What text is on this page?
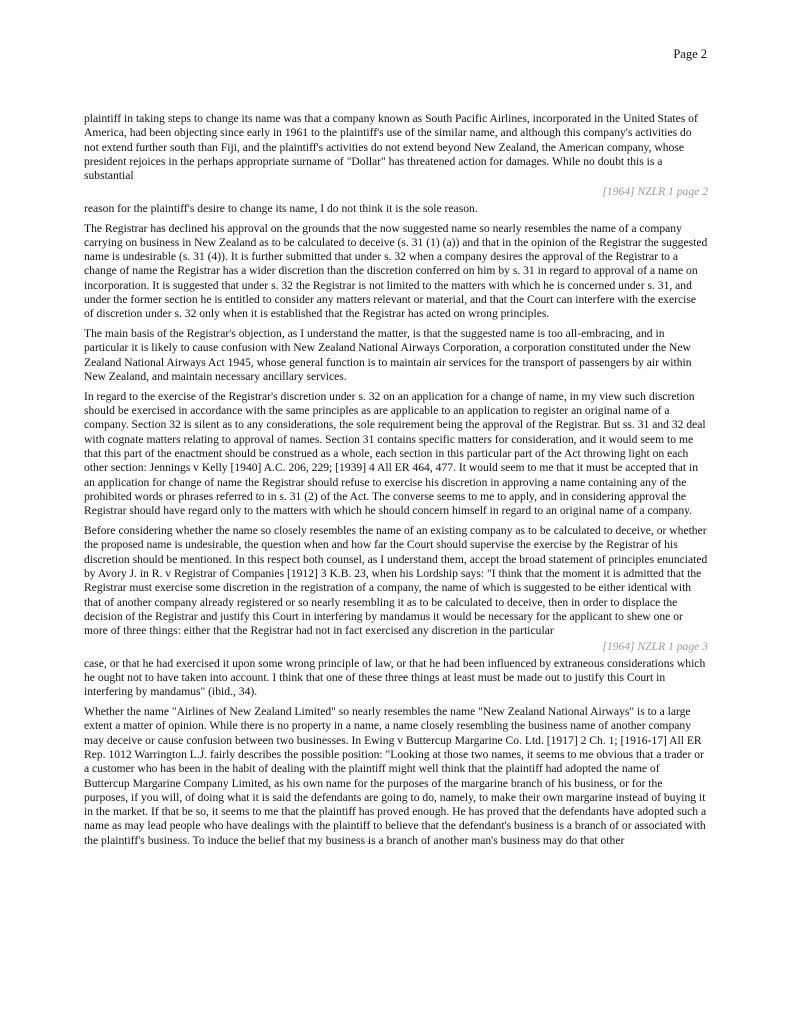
Page 2

plaintiff in taking steps to change its name was that a company known as South Pacific Airlines, incorporated in the United States of America, had been objecting since early in 1961 to the plaintiff's use of the similar name, and although this company's activities do not extend further south than Fiji, and the plaintiff's activities do not extend beyond New Zealand, the American company, whose president rejoices in the perhaps appropriate surname of "Dollar" has threatened action for damages. While no doubt this is a substantial

[1964] NZLR 1 page 2

reason for the plaintiff's desire to change its name, I do not think it is the sole reason.

The Registrar has declined his approval on the grounds that the now suggested name so nearly resembles the name of a company carrying on business in New Zealand as to be calculated to deceive (s. 31 (1) (a)) and that in the opinion of the Registrar the suggested name is undesirable (s. 31 (4)). It is further submitted that under s. 32 when a company desires the approval of the Registrar to a change of name the Registrar has a wider discretion than the discretion conferred on him by s. 31 in regard to approval of a name on incorporation. It is suggested that under s. 32 the Registrar is not limited to the matters with which he is concerned under s. 31, and under the former section he is entitled to consider any matters relevant or material, and that the Court can interfere with the exercise of discretion under s. 32 only when it is established that the Registrar has acted on wrong principles.

The main basis of the Registrar's objection, as I understand the matter, is that the suggested name is too all-embracing, and in particular it is likely to cause confusion with New Zealand National Airways Corporation, a corporation constituted under the New Zealand National Airways Act 1945, whose general function is to maintain air services for the transport of passengers by air within New Zealand, and maintain necessary ancillary services.

In regard to the exercise of the Registrar's discretion under s. 32 on an application for a change of name, in my view such discretion should be exercised in accordance with the same principles as are applicable to an application to register an original name of a company. Section 32 is silent as to any considerations, the sole requirement being the approval of the Registrar. But ss. 31 and 32 deal with cognate matters relating to approval of names. Section 31 contains specific matters for consideration, and it would seem to me that this part of the enactment should be construed as a whole, each section in this particular part of the Act throwing light on each other section: Jennings v Kelly [1940] A.C. 206, 229; [1939] 4 All ER 464, 477. It would seem to me that it must be accepted that in an application for change of name the Registrar should refuse to exercise his discretion in approving a name containing any of the prohibited words or phrases referred to in s. 31 (2) of the Act. The converse seems to me to apply, and in considering approval the Registrar should have regard only to the matters with which he should concern himself in regard to an original name of a company.

Before considering whether the name so closely resembles the name of an existing company as to be calculated to deceive, or whether the proposed name is undesirable, the question when and how far the Court should supervise the exercise by the Registrar of his discretion should be mentioned. In this respect both counsel, as I understand them, accept the broad statement of principles enunciated by Avory J. in R. v Registrar of Companies [1912] 3 K.B. 23, when his Lordship says: "I think that the moment it is admitted that the Registrar must exercise some discretion in the registration of a company, the name of which is suggested to be either identical with that of another company already registered or so nearly resembling it as to be calculated to deceive, then in order to displace the decision of the Registrar and justify this Court in interfering by mandamus it would be necessary for the applicant to shew one or more of three things: either that the Registrar had not in fact exercised any discretion in the particular

[1964] NZLR 1 page 3

case, or that he had exercised it upon some wrong principle of law, or that he had been influenced by extraneous considerations which he ought not to have taken into account. I think that one of these three things at least must be made out to justify this Court in interfering by mandamus" (ibid., 34).

Whether the name "Airlines of New Zealand Limited" so nearly resembles the name "New Zealand National Airways" is to a large extent a matter of opinion. While there is no property in a name, a name closely resembling the business name of another company may deceive or cause confusion between two businesses. In Ewing v Buttercup Margarine Co. Ltd. [1917] 2 Ch. 1; [1916-17] All ER Rep. 1012 Warrington L.J. fairly describes the possible position: "Looking at those two names, it seems to me obvious that a trader or a customer who has been in the habit of dealing with the plaintiff might well think that the plaintiff had adopted the name of Buttercup Margarine Company Limited, as his own name for the purposes of the margarine branch of his business, or for the purposes, if you will, of doing what it is said the defendants are going to do, namely, to make their own margarine instead of buying it in the market. If that be so, it seems to me that the plaintiff has proved enough. He has proved that the defendants have adopted such a name as may lead people who have dealings with the plaintiff to believe that the defendant's business is a branch of or associated with the plaintiff's business. To induce the belief that my business is a branch of another man's business may do that other
